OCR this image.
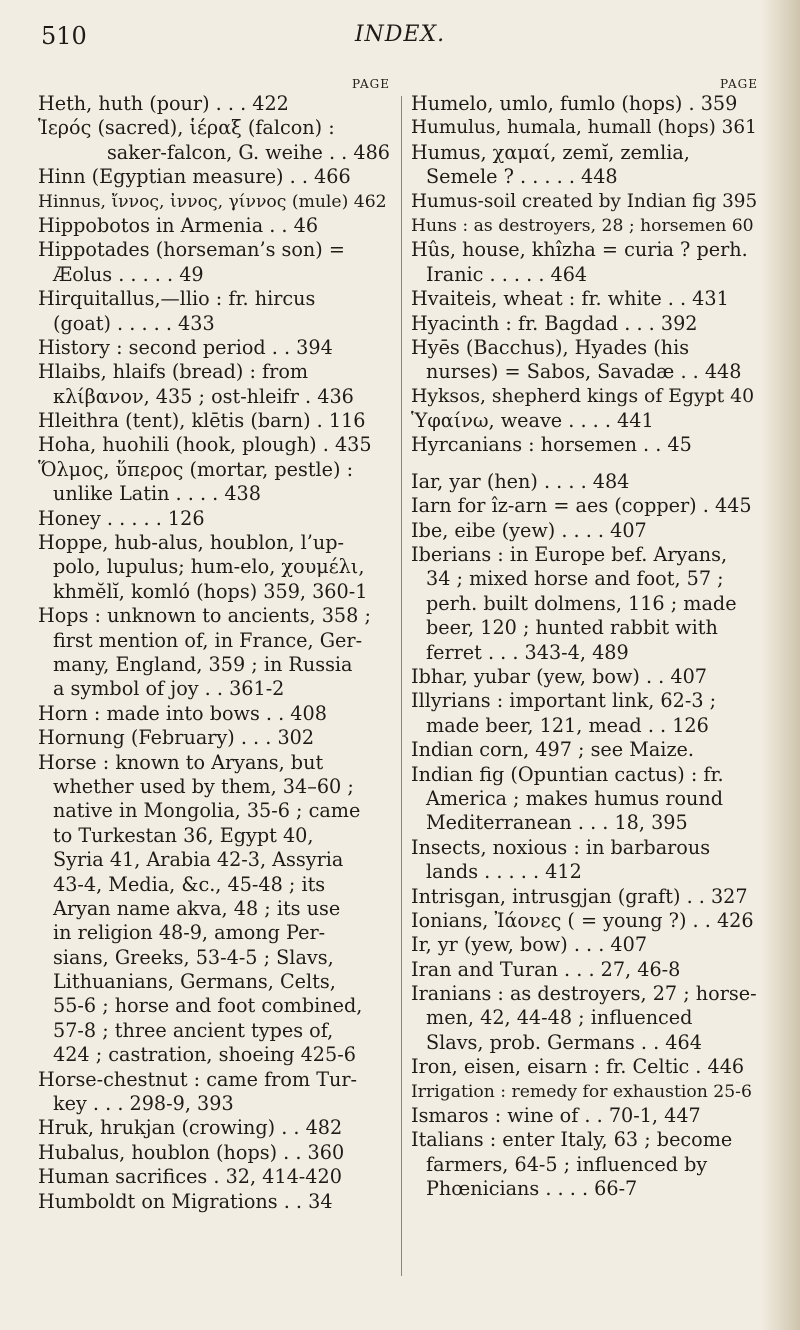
510	INDEX.
PAGE
Heth, huth (pour) . . . 422
Ἱερός (sacred), ἱέραξ (falcon) :
saker-falcon, G. weihe . . 486
Hinn (Egyptian measure) . . 466
Hinnus, ἴννος, ἰννος, γίννος (mule) 462
Hippobotos in Armenia . . 46
Hippotades (horseman’s son) =
Æolus . . . . . 49
Hirquitallus,—llio : fr. hircus
(goat) . . . . . 433
History : second period . . 394
Hlaibs, hlaifs (bread) : from
κλίβανον, 435 ; ost-hleifr . 436
Hleithra (tent), klētis (barn) . 116
Hoha, huohili (hook, plough) . 435
Ὅλμος, ὕπερος (mortar, pestle) :
unlike Latin . . . . 438
Honey . . . . . 126
Hoppe, hub-alus, houblon, l’up-
polo, lupulus; hum-elo, χουμέλι,
khmĕlĭ, komló (hops) 359, 360-1
Hops : unknown to ancients, 358 ;
first mention of, in France, Ger-
many, England, 359 ; in Russia
a symbol of joy . . 361-2
Horn : made into bows . . 408
Hornung (February) . . . 302
Horse : known to Aryans, but
whether used by them, 34–60 ;
native in Mongolia, 35-6 ; came
to Turkestan 36, Egypt 40,
Syria 41, Arabia 42-3, Assyria
43-4, Media, &c., 45-48 ; its
Aryan name akva, 48 ; its use
in religion 48-9, among Per-
sians, Greeks, 53-4-5 ; Slavs,
Lithuanians, Germans, Celts,
55-6 ; horse and foot combined,
57-8 ; three ancient types of,
424 ; castration, shoeing 425-6
Horse-chestnut : came from Tur-
key . . . 298-9, 393
Hruk, hrukjan (crowing) . . 482
Hubalus, houblon (hops) . . 360
Human sacrifices . 32, 414-420
Humboldt on Migrations . . 34
PAGE
Humelo, umlo, fumlo (hops) . 359
Humulus, humala, humall (hops) 361
Humus, χαμαί, zemĭ, zemlia,
Semele ? . . . . . 448
Humus-soil created by Indian fig 395
Huns : as destroyers, 28 ; horsemen 60
Hûs, house, khîzha = curia ? perh.
Iranic . . . . . 464
Hvaiteis, wheat : fr. white . . 431
Hyacinth : fr. Bagdad . . . 392
Hyēs (Bacchus), Hyades (his
nurses) = Sabos, Savadæ . . 448
Hyksos, shepherd kings of Egypt 40
Ὑφαίνω, weave . . . . 441
Hyrcanians : horsemen . . 45
Iar, yar (hen) . . . . 484
Iarn for îz-arn = aes (copper) . 445
Ibe, eibe (yew) . . . . 407
Iberians : in Europe bef. Aryans,
34 ; mixed horse and foot, 57 ;
perh. built dolmens, 116 ; made
beer, 120 ; hunted rabbit with
ferret . . . 343-4, 489
Ibhar, yubar (yew, bow) . . 407
Illyrians : important link, 62-3 ;
made beer, 121, mead . . 126
Indian corn, 497 ; see Maize.
Indian fig (Opuntian cactus) : fr.
America ; makes humus round
Mediterranean . . . 18, 395
Insects, noxious : in barbarous
lands . . . . . 412
Intrisgan, intrusgjan (graft) . . 327
Ionians, Ἰάονες ( = young ?) . . 426
Ir, yr (yew, bow) . . . 407
Iran and Turan . . . 27, 46-8
Iranians : as destroyers, 27 ; horse-
men, 42, 44-48 ; influenced
Slavs, prob. Germans . . 464
Iron, eisen, eisarn : fr. Celtic . 446
Irrigation : remedy for exhaustion 25-6
Ismaros : wine of . . 70-1, 447
Italians : enter Italy, 63 ; become
farmers, 64-5 ; influenced by
Phœnicians . . . . 66-7
